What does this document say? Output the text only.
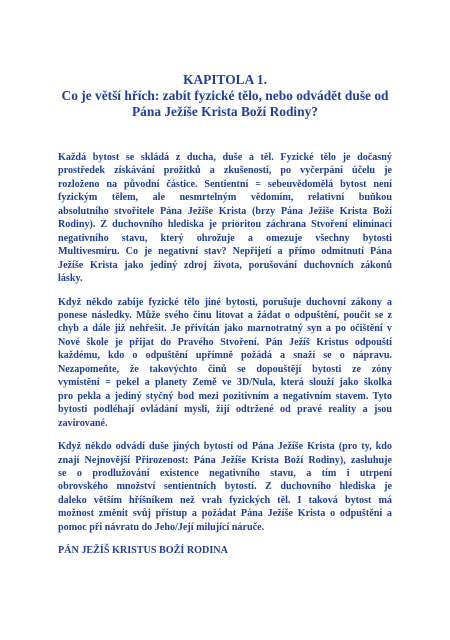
KAPITOLA 1.
Co je větší hřích: zabít fyzické tělo, nebo odvádět duše od
Pána Ježíše Krista Boží Rodiny?
Každá bytost se skládá z ducha, duše a těl. Fyzické tělo je dočasný
prostředek získávání prožitků a zkušeností, po vyčerpání účelu je
rozloženo na původní částice. Sentientní = sebeuvědomělá bytost není
fyzickým tělem, ale nesmrtelným vědomím, relativní buňkou
absolutního stvořitele Pána Ježíše Krista (brzy Pána Ježíše Krista Boží
Rodiny). Z duchovního hlediska je prioritou záchrana Stvoření eliminací
negativního stavu, který ohrožuje a omezuje všechny bytosti
Multivesmíru. Co je negativní stav? Nepřijetí a přímo odmítnutí Pána
Ježíše Krista jako jediný zdroj života, porušování duchovních zákonů
lásky.
Když někdo zabije fyzické tělo jiné bytosti, porušuje duchovní zákony a
ponese následky. Může svého činu litovat a žádat o odpuštění, poučit se z
chyb a dále již nehřešit. Je přivítán jako marnotratný syn a po očištění v
Nové škole je přijat do Pravého Stvoření. Pán Ježíš Kristus odpouští
každému, kdo o odpuštění upřímně požádá a snaží se o nápravu.
Nezapomeňte, že takovýchto činů se dopouštějí bytosti ze zóny
vymístění = pekel a planety Země ve 3D/Nula, která slouží jako školka
pro pekla a jediný styčný bod mezi pozitivním a negativním stavem. Tyto
bytosti podléhají ovládání mysli, žijí odtržené od pravé reality a jsou
zavirované.
Když někdo odvádí duše jiných bytostí od Pána Ježíše Krista (pro ty, kdo
znají Nejnovější Přirozenost: Pána Ježíše Krista Boží Rodiny), zasluhuje
se o prodlužování existence negativního stavu, a tím i utrpení
obrovského množství sentientních bytostí. Z duchovního hlediska je
daleko větším hříšníkem než vrah fyzických těl. I taková bytost má
možnost změnit svůj přístup a požádat Pána Ježíše Krista o odpuštění a
pomoc při návratu do Jeho/Její milující náruče.
PÁN JEŽÍŠ KRISTUS BOŽÍ RODINA
